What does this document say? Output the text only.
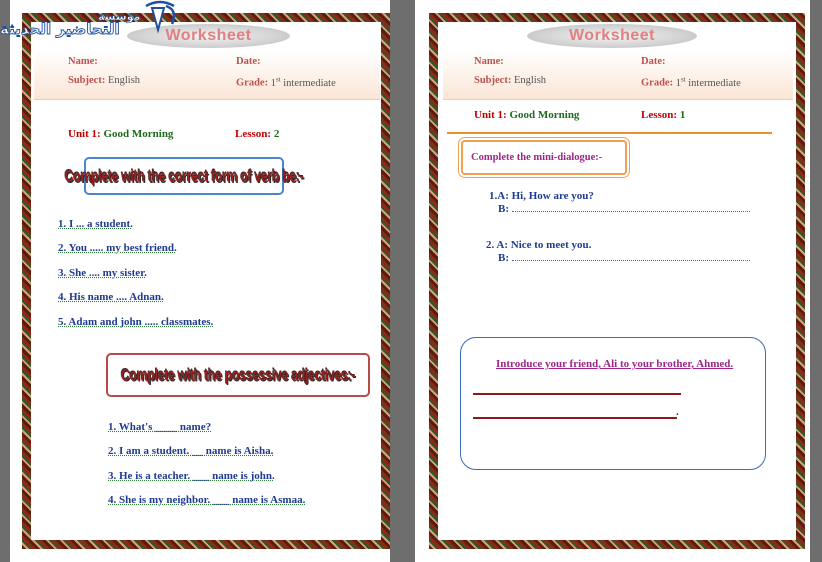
Worksheet
Name:	Date:
Subject: English	Grade: 1st intermediate
Unit 1: Good Morning	Lesson: 2
Complete with the correct form of verb be:-
1. I ... a student.
2. You ..... my best friend.
3. She .... my sister.
4. His name .... Adnan.
5. Adam and john ..... classmates.
Complete with the possessive adjectives:-
1. What's ____ name?
2. I am a student. __ name is Aisha.
3. He is a teacher. ___ name is john.
4. She is my neighbor. ___ name is Asmaa.
Worksheet
Name:	Date:
Subject: English	Grade: 1st intermediate
Unit 1: Good Morning	Lesson: 1
Complete the mini-dialogue:-
1.A: Hi, How are you?
B:
2. A: Nice to meet you.
B:
Introduce your friend, Ali to your brother, Ahmed.
.
مؤسسة
التحاضير الحديثة
